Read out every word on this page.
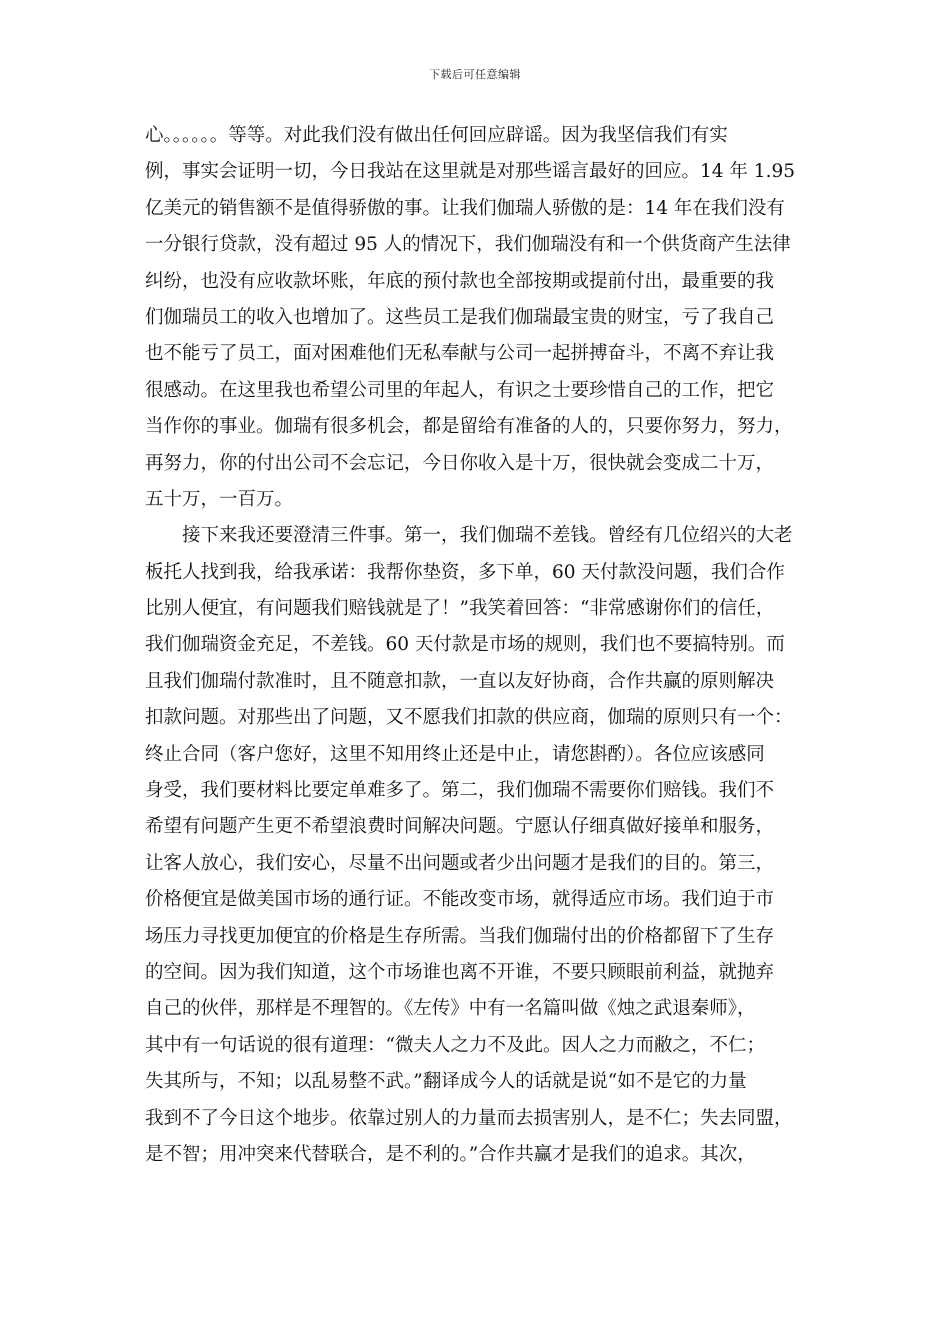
下载后可任意编辑
心。。。。。。等等。对此我们没有做出任何回应辟谣。因为我坚信我们有实
例，事实会证明一切，今日我站在这里就是对那些谣言最好的回应。14 年 1.95
亿美元的销售额不是值得骄傲的事。让我们伽瑞人骄傲的是：14 年在我们没有
一分银行贷款，没有超过 95 人的情况下，我们伽瑞没有和一个供货商产生法律
纠纷，也没有应收款坏账，年底的预付款也全部按期或提前付出，最重要的我
们伽瑞员工的收入也增加了。这些员工是我们伽瑞最宝贵的财宝，亏了我自己
也不能亏了员工，面对困难他们无私奉献与公司一起拼搏奋斗，不离不弃让我
很感动。在这里我也希望公司里的年起人，有识之士要珍惜自己的工作，把它
当作你的事业。伽瑞有很多机会，都是留给有准备的人的，只要你努力，努力，
再努力，你的付出公司不会忘记，今日你收入是十万，很快就会变成二十万，
五十万，一百万。
　　接下来我还要澄清三件事。第一，我们伽瑞不差钱。曾经有几位绍兴的大老
板托人找到我，给我承诺：我帮你垫资，多下单，60 天付款没问题，我们合作
比别人便宜，有问题我们赔钱就是了！”我笑着回答：“非常感谢你们的信任，
我们伽瑞资金充足，不差钱。60 天付款是市场的规则，我们也不要搞特别。而
且我们伽瑞付款准时，且不随意扣款，一直以友好协商，合作共赢的原则解决
扣款问题。对那些出了问题，又不愿我们扣款的供应商，伽瑞的原则只有一个：
终止合同（客户您好，这里不知用终止还是中止，请您斟酌）。各位应该感同
身受，我们要材料比要定单难多了。第二，我们伽瑞不需要你们赔钱。我们不
希望有问题产生更不希望浪费时间解决问题。宁愿认仔细真做好接单和服务，
让客人放心，我们安心，尽量不出问题或者少出问题才是我们的目的。第三，
价格便宜是做美国市场的通行证。不能改变市场，就得适应市场。我们迫于市
场压力寻找更加便宜的价格是生存所需。当我们伽瑞付出的价格都留下了生存
的空间。因为我们知道，这个市场谁也离不开谁，不要只顾眼前利益，就抛弃
自己的伙伴，那样是不理智的。《左传》中有一名篇叫做《烛之武退秦师》，
其中有一句话说的很有道理：“微夫人之力不及此。因人之力而敝之，不仁；
失其所与，不知；以乱易整不武。”翻译成今人的话就是说“如不是它的力量
我到不了今日这个地步。依靠过别人的力量而去损害别人，是不仁；失去同盟，
是不智；用冲突来代替联合，是不利的。”合作共赢才是我们的追求。其次，
